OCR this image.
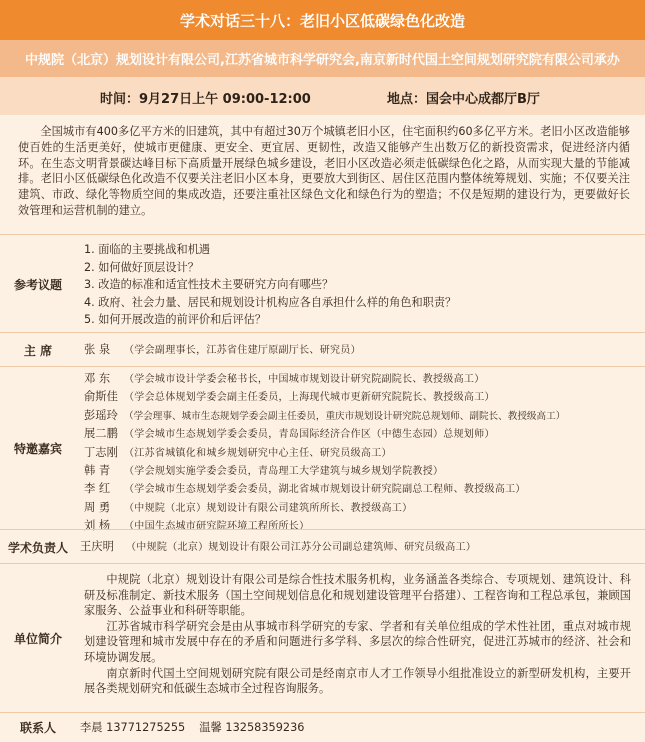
学术对话三十八：老旧小区低碳绿色化改造
中规院（北京）规划设计有限公司,江苏省城市科学研究会,南京新时代国土空间规划研究院有限公司承办
时间：9月27日上午 09:00-12:00	地点：国会中心成都厅B厅
全国城市有400多亿平方米的旧建筑，其中有超过30万个城镇老旧小区，住宅面积约60多亿平方米。老旧小区改造能够使百姓的生活更美好，使城市更健康、更安全、更宜居、更韧性，改造又能够产生出数万亿的新投资需求，促进经济内循环。在生态文明背景碳达峰目标下高质量开展绿色城乡建设，老旧小区改造必须走低碳绿色化之路，从而实现大量的节能减排。老旧小区低碳绿色化改造不仅要关注老旧小区本身，更要放大到街区、居住区范围内整体统筹规划、实施；不仅要关注建筑、市政、绿化等物质空间的集成改造，还要注重社区绿色文化和绿色行为的塑造；不仅是短期的建设行为，更要做好长效管理和运营机制的建立。
参考议题
1. 面临的主要挑战和机遇
2. 如何做好顶层设计？
3. 改造的标准和适宜性技术主要研究方向有哪些？
4. 政府、社会力量、居民和规划设计机构应各自承担什么样的角色和职责？
5. 如何开展改造的前评价和后评估？
主 席	张 泉 （学会副理事长，江苏省住建厅原副厅长、研究员）
特邀嘉宾
邓 东 （学会城市设计学委会秘书长，中国城市规划设计研究院副院长、教授级高工）
俞斯佳 （学会总体规划学委会副主任委员，上海现代城市更新研究院院长、教授级高工）
彭瑶玲 （学会理事、城市生态规划学委会副主任委员，重庆市规划设计研究院总规划师、副院长、教授级高工）
展二鹏 （学会城市生态规划学委会委员，青岛国际经济合作区（中德生态园）总规划师）
丁志刚 （江苏省城镇化和城乡规划研究中心主任、研究员级高工）
韩 青 （学会规划实施学委会委员，青岛理工大学建筑与城乡规划学院教授）
李 红 （学会城市生态规划学委会委员，湖北省城市规划设计研究院副总工程师、教授级高工）
周 勇 （中规院（北京）规划设计有限公司建筑所所长、教授级高工）
刘 杨 （中国生态城市研究院环境工程所所长）
学术负责人	王庆明 （中规院（北京）规划设计有限公司江苏分公司副总建筑师、研究员级高工）
单位简介

中规院（北京）规划设计有限公司是综合性技术服务机构，业务涵盖各类综合、专项规划、建筑设计、科研及标准制定、新技术服务（国土空间规划信息化和规划建设管理平台搭建）、工程咨询和工程总承包，兼顾国家服务、公益事业和科研等职能。

江苏省城市科学研究会是由从事城市科学研究的专家、学者和有关单位组成的学术性社团，重点对城市规划建设管理和城市发展中存在的矛盾和问题进行多学科、多层次的综合性研究，促进江苏城市的经济、社会和环境协调发展。

南京新时代国土空间规划研究院有限公司是经南京市人才工作领导小组批准设立的新型研发机构，主要开展各类规划研究和低碳生态城市全过程咨询服务。

联系人	李晨 13771275255 温馨 13258359236
